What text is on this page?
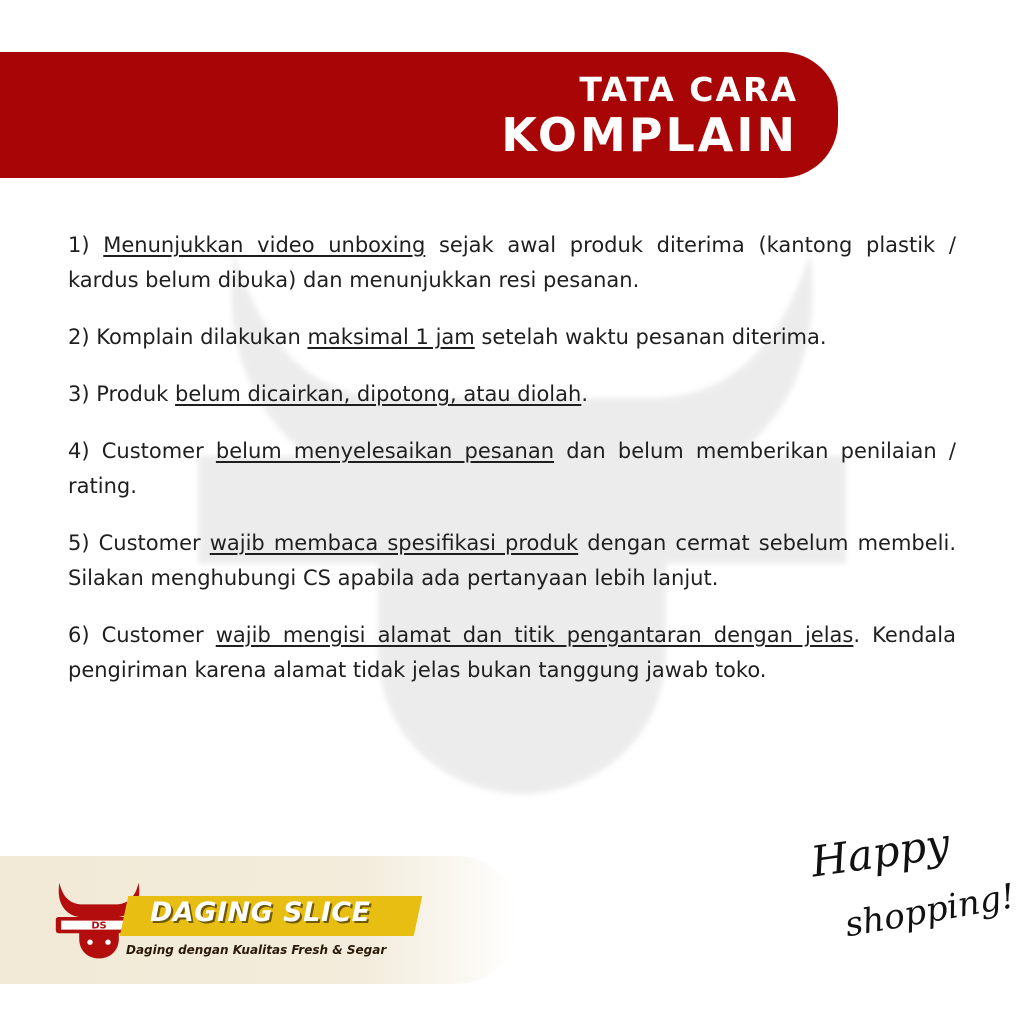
TATA CARA
KOMPLAIN

1) Menunjukkan video unboxing sejak awal produk diterima (kantong plastik / kardus belum dibuka) dan menunjukkan resi pesanan.

2) Komplain dilakukan maksimal 1 jam setelah waktu pesanan diterima.

3) Produk belum dicairkan, dipotong, atau diolah.

4) Customer belum menyelesaikan pesanan dan belum memberikan penilaian / rating.

5) Customer wajib membaca spesifikasi produk dengan cermat sebelum membeli. Silakan menghubungi CS apabila ada pertanyaan lebih lanjut.

6) Customer wajib mengisi alamat dan titik pengantaran dengan jelas. Kendala pengiriman karena alamat tidak jelas bukan tanggung jawab toko.

DS DAGING SLICE
Daging dengan Kualitas Fresh & Segar
Happy
shopping!
